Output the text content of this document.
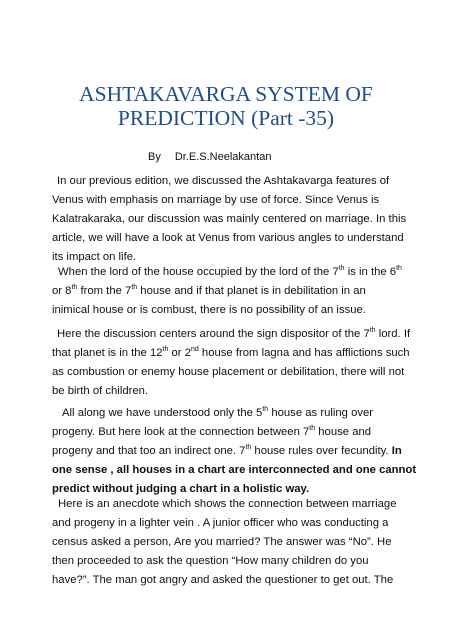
ASHTAKAVARGA SYSTEM OF
PREDICTION (Part -35)
By Dr.E.S.Neelakantan
In our previous edition, we discussed the Ashtakavarga features of
Venus with emphasis on marriage by use of force. Since Venus is
Kalatrakaraka, our discussion was mainly centered on marriage. In this
article, we will have a look at Venus from various angles to understand
its impact on life.
When the lord of the house occupied by the lord of the 7th is in the 6th
or 8th from the 7th house and if that planet is in debilitation in an
inimical house or is combust, there is no possibility of an issue.
Here the discussion centers around the sign dispositor of the 7th lord. If
that planet is in the 12th or 2nd house from lagna and has afflictions such
as combustion or enemy house placement or debilitation, there will not
be birth of children.
All along we have understood only the 5th house as ruling over
progeny. But here look at the connection between 7th house and
progeny and that too an indirect one. 7th house rules over fecundity. In
one sense , all houses in a chart are interconnected and one cannot
predict without judging a chart in a holistic way.
Here is an anecdote which shows the connection between marriage
and progeny in a lighter vein . A junior officer who was conducting a
census asked a person, Are you married? The answer was “No”. He
then proceeded to ask the question “How many children do you
have?”. The man got angry and asked the questioner to get out. The
